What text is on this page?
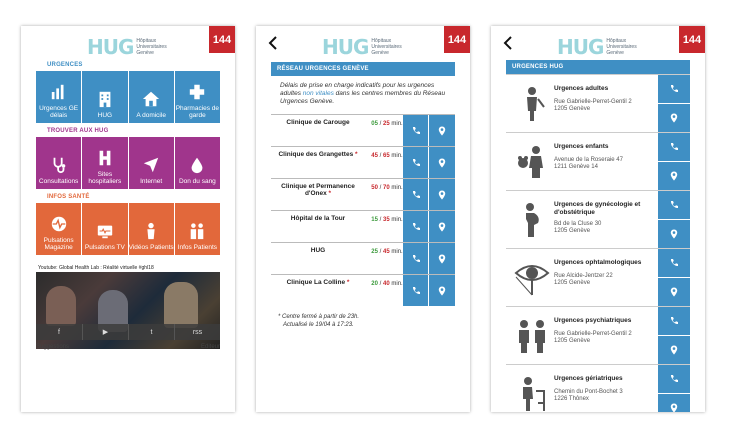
HUG Hôpitaux
Universitaires
Genève
144
URGENCES
Urgences GE délais	HUG	A domicile
Pharmacies de garde
TROUVER AUX HUG
Consultations
Sites hospitaliers	Internet	Don du sang
INFOS SANTÉ
Pulsations Magazine	Pulsations TV Vidéos Patients Infos Patients
Youtube: Global Health Lab : Réalité virtuelle #ghl18
f	▶	t	rss
Suggestions	Editeur
HUG Hôpitaux
Universitaires
Genève
144
RÉSEAU URGENCES GENÈVE
Délais de prise en charge indicatifs pour les urgences adultes non vitales dans les centres membres du Réseau Urgences Genève.
Clinique de Carouge	05 / 25 min.
Clinique des Grangettes *	45 / 65 min.
Clinique et Permanence d'Onex *
50 / 70 min.
Hôpital de la Tour	15 / 35 min.
HUG	25 / 45 min.
Clinique La Colline *	20 / 40 min.
* Centre fermé à partir de 23h.
Actualisé le 19/04 à 17:23.
HUG Hôpitaux
Universitaires
Genève
144
URGENCES HUG
Urgences adultes
Rue Gabrielle-Perret-Gentil 2
1205 Genève
Urgences enfants
Avenue de la Roseraie 47
1211 Genève 14
Urgences de gynécologie et d'obstétrique
Bd de la Cluse 30
1205 Genève
Urgences ophtalmologiques
Rue Alcide-Jentzer 22
1205 Genève
Urgences psychiatriques
Rue Gabrielle-Perret-Gentil 2
1205 Genève
Urgences gériatriques
Chemin du Pont-Bochet 3
1226 Thônex
